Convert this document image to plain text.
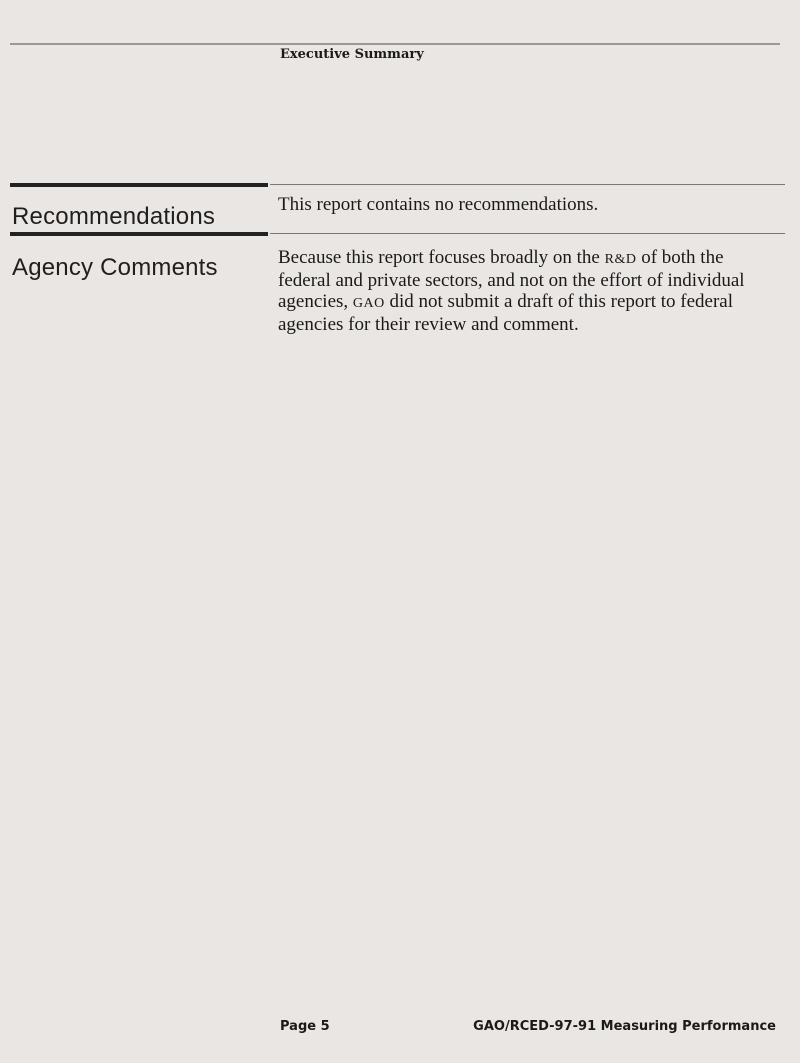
Executive Summary
Recommendations	This report contains no recommendations.
Agency Comments	Because this report focuses broadly on the R&D of both the federal and private sectors, and not on the effort of individual agencies, GAO did not submit a draft of this report to federal agencies for their review and comment.
Page 5	GAO/RCED-97-91 Measuring Performance
